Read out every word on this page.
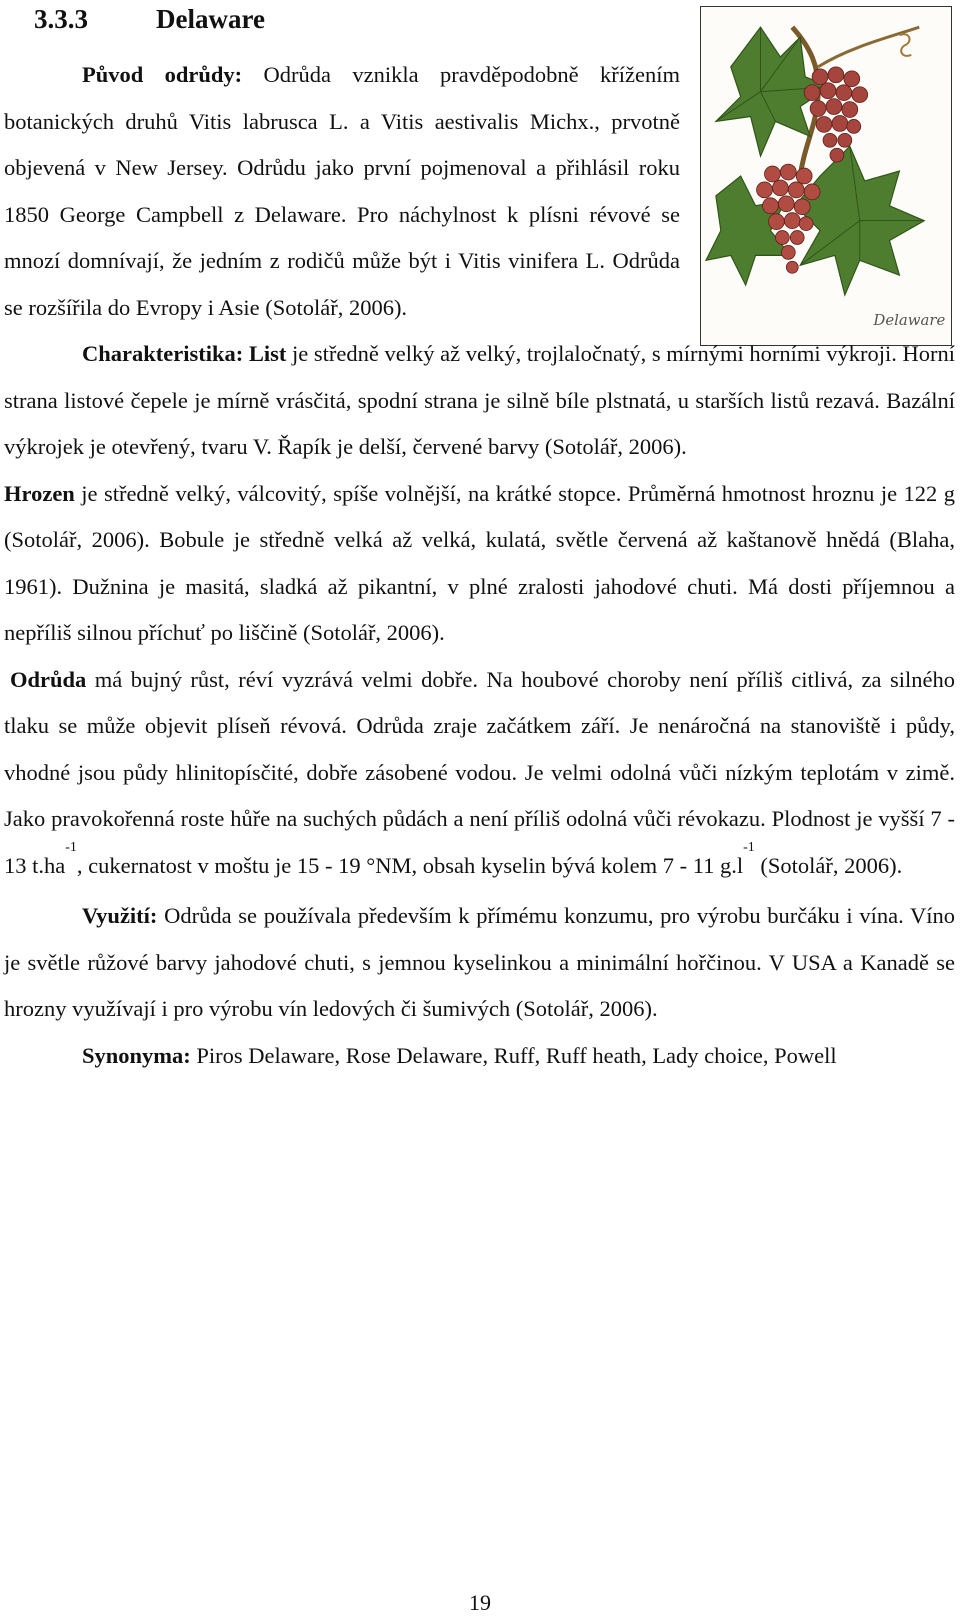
3.3.3	Delaware
Delaware

Původ odrůdy: Odrůda vznikla pravděpodobně křížením botanických druhů Vitis labrusca L. a Vitis aestivalis Michx., prvotně objevená v New Jersey. Odrůdu jako první pojmenoval a přihlásil roku 1850 George Campbell z Delaware. Pro náchylnost k plísni révové se mnozí domnívají, že jedním z rodičů může být i Vitis vinifera L. Odrůda se rozšířila do Evropy i Asie (Sotolář, 2006).

Charakteristika: List je středně velký až velký, trojlaločnatý, s mírnými horními výkroji. Horní strana listové čepele je mírně vrásčitá, spodní strana je silně bíle plstnatá, u starších listů rezavá. Bazální výkrojek je otevřený, tvaru V. Řapík je delší, červené barvy (Sotolář, 2006).

Hrozen je středně velký, válcovitý, spíše volnější, na krátké stopce. Průměrná hmotnost hroznu je 122 g (Sotolář, 2006). Bobule je středně velká až velká, kulatá, světle červená až kaštanově hnědá (Blaha, 1961). Dužnina je masitá, sladká až pikantní, v plné zralosti jahodové chuti. Má dosti příjemnou a nepříliš silnou příchuť po liščině (Sotolář, 2006).

Odrůda má bujný růst, réví vyzrává velmi dobře. Na houbové choroby není příliš citlivá, za silného tlaku se může objevit plíseň révová. Odrůda zraje začátkem září. Je nenáročná na stanoviště i půdy, vhodné jsou půdy hlinitopísčité, dobře zásobené vodou. Je velmi odolná vůči nízkým teplotám v zimě. Jako pravokořenná roste hůře na suchých půdách a není příliš odolná vůči révokazu. Plodnost je vyšší 7 - 13 $t.ha^{-1}$, cukernatost v moštu je 15 - 19 °NM, obsah kyselin bývá kolem 7 - 11 $g.l^{-1}$ (Sotolář, 2006).

Využití: Odrůda se používala především k přímému konzumu, pro výrobu burčáku i vína. Víno je světle růžové barvy jahodové chuti, s jemnou kyselinkou a minimální hořčinou. V USA a Kanadě se hrozny využívají i pro výrobu vín ledových či šumivých (Sotolář, 2006).

Synonyma: Piros Delaware, Rose Delaware, Ruff, Ruff heath, Lady choice, Powell

19
